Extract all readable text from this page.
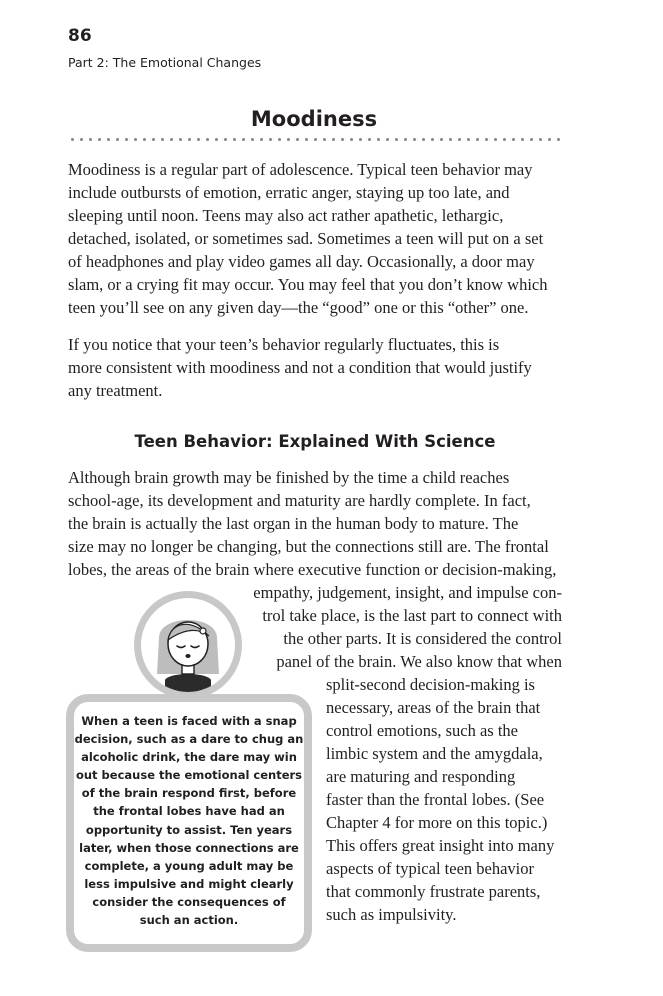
86
Part 2: The Emotional Changes
Moodiness
Moodiness is a regular part of adolescence. Typical teen behavior may
include outbursts of emotion, erratic anger, staying up too late, and
sleeping until noon. Teens may also act rather apathetic, lethargic,
detached, isolated, or sometimes sad. Sometimes a teen will put on a set
of headphones and play video games all day. Occasionally, a door may
slam, or a crying fit may occur. You may feel that you don’t know which
teen you’ll see on any given day—the “good” one or this “other” one.
If you notice that your teen’s behavior regularly fluctuates, this is
more consistent with moodiness and not a condition that would justify
any treatment.
Teen Behavior: Explained With Science
Although brain growth may be finished by the time a child reaches
school-age, its development and maturity are hardly complete. In fact,
the brain is actually the last organ in the human body to mature. The
size may no longer be changing, but the connections still are. The frontal
lobes, the areas of the brain where executive function or decision-making,
empathy, judgement, insight, and impulse con-
trol take place, is the last part to connect with
the other parts. It is considered the control
panel of the brain. We also know that when
split-second decision-making is
necessary, areas of the brain that
control emotions, such as the
limbic system and the amygdala,
are maturing and responding
faster than the frontal lobes. (See
Chapter 4 for more on this topic.)
This offers great insight into many
aspects of typical teen behavior
that commonly frustrate parents,
such as impulsivity.
When a teen is faced with a snap
decision, such as a dare to chug an
alcoholic drink, the dare may win
out because the emotional centers
of the brain respond first, before
the frontal lobes have had an
opportunity to assist. Ten years
later, when those connections are
complete, a young adult may be
less impulsive and might clearly
consider the consequences of
such an action.
